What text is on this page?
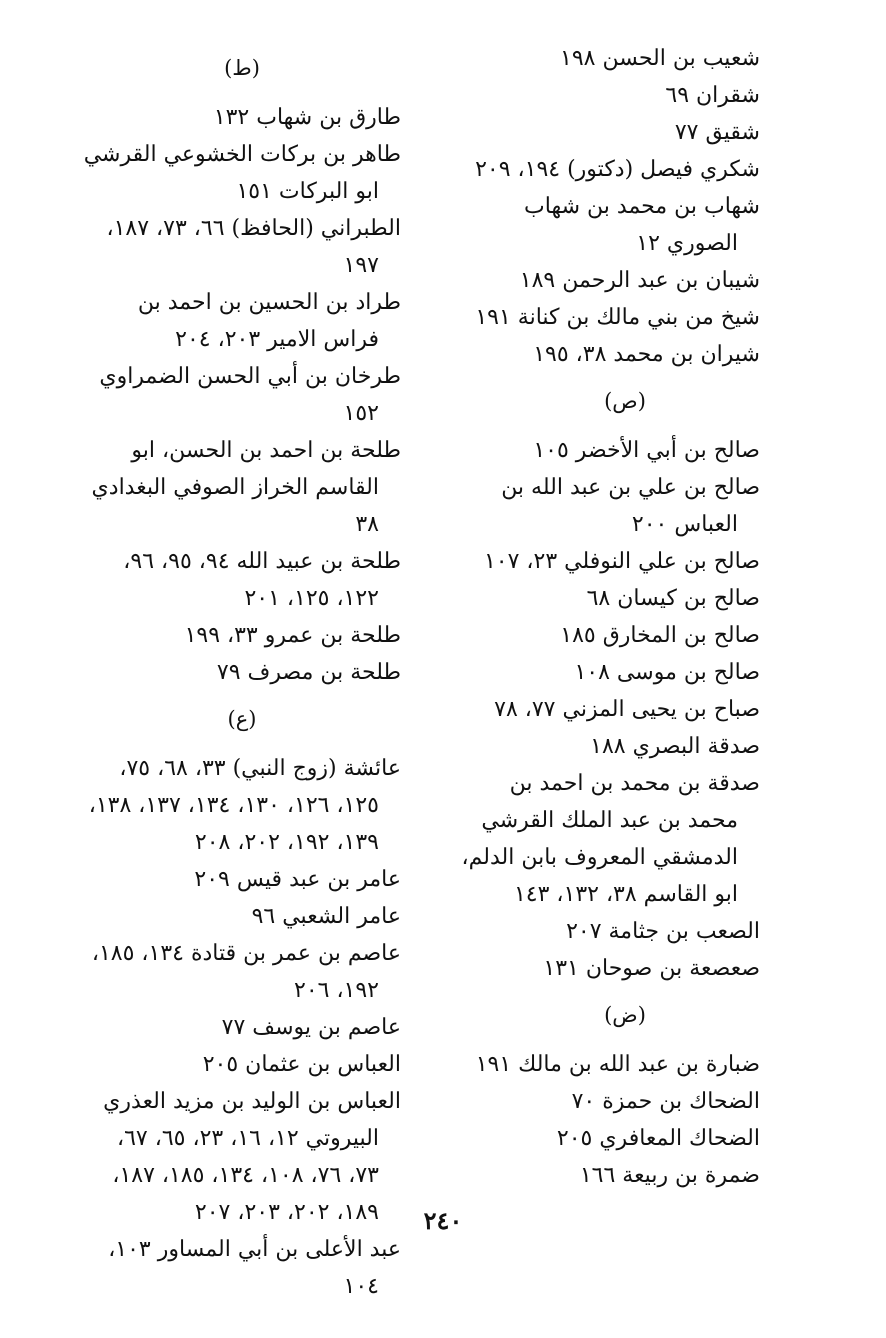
شعيب بن الحسن ١٩٨

شقران ٦٩

شقيق ٧٧

شكري فيصل (دكتور) ١٩٤، ٢٠٩

شهاب بن محمد بن شهاب الصوري ١٢

شيبان بن عبد الرحمن ١٨٩

شيخ من بني مالك بن كنانة ١٩١

شيران بن محمد ٣٨، ١٩٥

(ص)

صالح بن أبي الأخضر ١٠٥

صالح بن علي بن عبد الله بن العباس ٢٠٠

صالح بن علي النوفلي ٢٣، ١٠٧

صالح بن كيسان ٦٨

صالح بن المخارق ١٨٥

صالح بن موسى ١٠٨

صباح بن يحيى المزني ٧٧، ٧٨

صدقة البصري ١٨٨

صدقة بن محمد بن احمد بن محمد بن عبد الملك القرشي الدمشقي المعروف بابن الدلم، ابو القاسم ٣٨، ١٣٢، ١٤٣

الصعب بن جثامة ٢٠٧

صعصعة بن صوحان ١٣١

(ض)

ضبارة بن عبد الله بن مالك ١٩١

الضحاك بن حمزة ٧٠

الضحاك المعافري ٢٠٥

ضمرة بن ربيعة ١٦٦

(ط)

طارق بن شهاب ١٣٢

طاهر بن بركات الخشوعي القرشي ابو البركات ١٥١

الطبراني (الحافظ) ٦٦، ٧٣، ١٨٧، ١٩٧

طراد بن الحسين بن احمد بن فراس الامير ٢٠٣، ٢٠٤

طرخان بن أبي الحسن الضمراوي ١٥٢

طلحة بن احمد بن الحسن، ابو القاسم الخراز الصوفي البغدادي ٣٨

طلحة بن عبيد الله ٩٤، ٩٥، ٩٦، ١٢٢، ١٢٥، ٢٠١

طلحة بن عمرو ٣٣، ١٩٩

طلحة بن مصرف ٧٩

(ع)

عائشة (زوج النبي) ٣٣، ٦٨، ٧٥، ١٢٥، ١٢٦، ١٣٠، ١٣٤، ١٣٧، ١٣٨، ١٣٩، ١٩٢، ٢٠٢، ٢٠٨

عامر بن عبد قيس ٢٠٩

عامر الشعبي ٩٦

عاصم بن عمر بن قتادة ١٣٤، ١٨٥، ١٩٢، ٢٠٦

عاصم بن يوسف ٧٧

العباس بن عثمان ٢٠٥

العباس بن الوليد بن مزيد العذري البيروتي ١٢، ١٦، ٢٣، ٦٥، ٦٧، ٧٣، ٧٦، ١٠٨، ١٣٤، ١٨٥، ١٨٧، ١٨٩، ٢٠٢، ٢٠٣، ٢٠٧

عبد الأعلى بن أبي المساور ١٠٣، ١٠٤

٢٤٠
